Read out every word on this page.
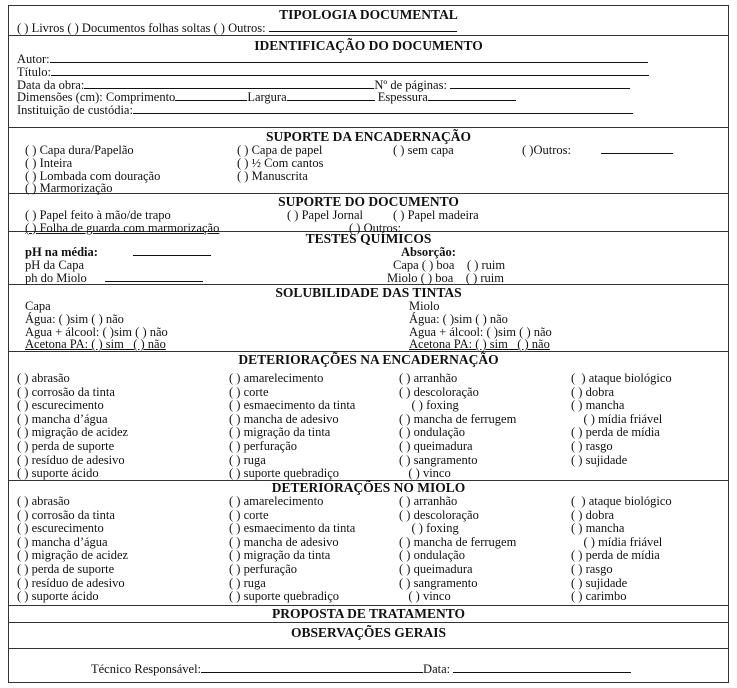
TIPOLOGIA DOCUMENTAL
( ) Livros ( ) Documentos folhas soltas ( ) Outros:
IDENTIFICAÇÃO DO DOCUMENTO
Autor:
Título:
Data da obra:	Nº de páginas:
Dimensões (cm): Comprimento	Largura	Espessura
Instituição de custódia:
SUPORTE DA ENCADERNAÇÃO
( ) Capa dura/Papelão	( ) Capa de papel	( ) sem capa	( )Outros:
( ) Inteira	( ) ½ Com cantos
( ) Lombada com douração	( ) Manuscrita
( ) Marmorização
SUPORTE DO DOCUMENTO
( ) Papel feito à mão/de trapo	( ) Papel Jornal ( ) Papel madeira
( ) Folha de guarda com marmorização	( ) Outros:
TESTES QUÍMICOS
pH na média:	Absorção:
pH da Capa	Capa ( ) boa    ( ) ruim
ph do Miolo	Miolo ( ) boa    ( ) ruim
SOLUBILIDADE DAS TINTAS
Capa	Miolo
Água: ( )sim ( ) não	Água: ( )sim ( ) não
Agua + álcool: ( )sim ( ) não	Agua + álcool: ( )sim ( ) não
Acetona PA: ( ) sim   ( ) não	Acetona PA: ( ) sim   ( ) não
DETERIORAÇÕES NA ENCADERNAÇÃO
( ) abrasão	( ) amarelecimento	( ) arranhão	(  ) ataque biológico
( ) corrosão da tinta	( ) corte	( ) descoloração	( ) dobra
( ) escurecimento	( ) esmaecimento da tinta	( ) foxing	( ) mancha
( ) mancha d’água	( ) mancha de adesivo	( ) mancha de ferrugem	( ) mídia friável
( ) migração de acidez	( ) migração da tinta	( ) ondulação	( ) perda de mídia
( ) perda de suporte	( ) perfuração	( ) queimadura	( ) rasgo
( ) resíduo de adesivo	( ) ruga	( ) sangramento	( ) sujidade
( ) suporte ácido	( ) suporte quebradiço	( ) vinco
DETERIORAÇÕES NO MIOLO
( ) abrasão	( ) amarelecimento	( ) arranhão	(  ) ataque biológico
( ) corrosão da tinta	( ) corte	( ) descoloração	( ) dobra
( ) escurecimento	( ) esmaecimento da tinta	( ) foxing	( ) mancha
( ) mancha d’água	( ) mancha de adesivo	( ) mancha de ferrugem	( ) mídia friável
( ) migração de acidez	( ) migração da tinta	( ) ondulação	( ) perda de mídia
( ) perda de suporte	( ) perfuração	( ) queimadura	( ) rasgo
( ) resíduo de adesivo	( ) ruga	( ) sangramento	( ) sujidade
( ) suporte ácido	( ) suporte quebradiço	( ) vinco	( ) carimbo
PROPOSTA DE TRATAMENTO
OBSERVAÇÕES GERAIS
Técnico Responsável:	Data:
